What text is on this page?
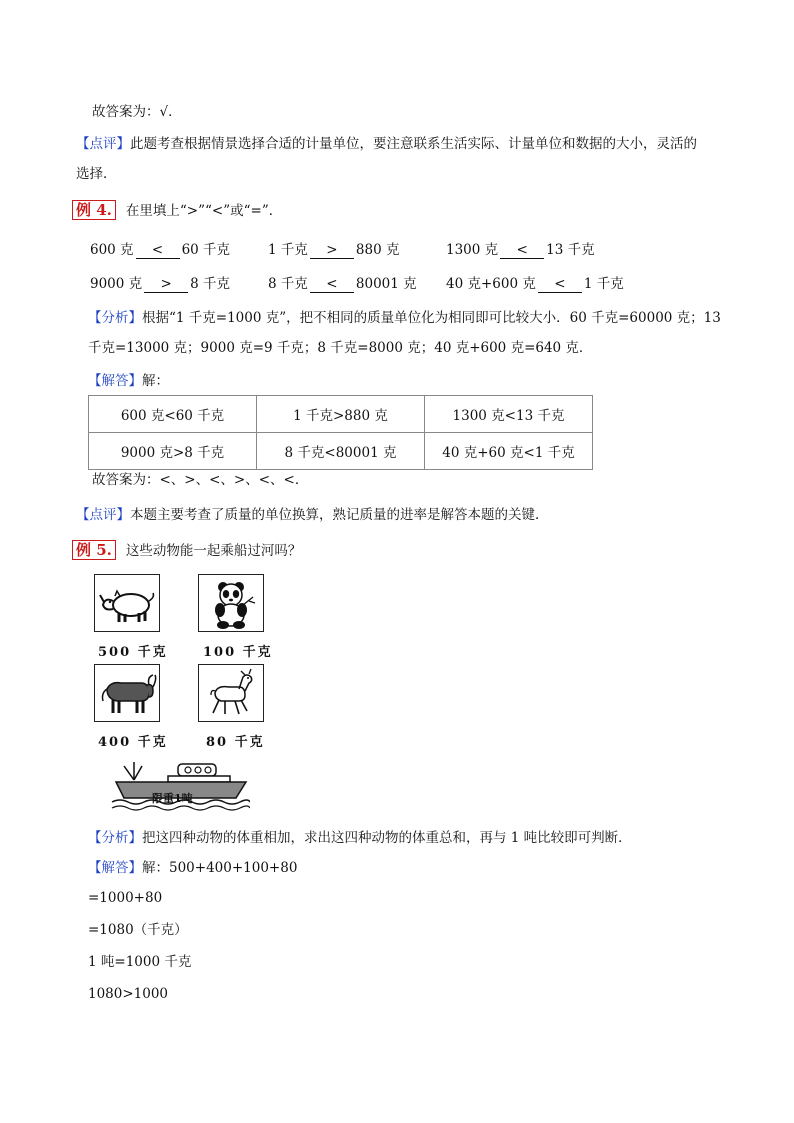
故答案为：√．
【点评】此题考查根据情景选择合适的计量单位，要注意联系生活实际、计量单位和数据的大小，灵活的
选择．
例 4. 在里填上“>”“<”或“=”．
600 克 < 60 千克	1 千克 > 880 克	1300 克 < 13 千克
9000 克 > 8 千克	8 千克 < 80001 克 40 克+600 克 < 1 千克
【分析】根据“1 千克=1000 克”，把不相同的质量单位化为相同即可比较大小．60 千克=60000 克；13
千克=13000 克；9000 克=9 千克；8 千克=8000 克；40 克+600 克=640 克．
【解答】解：
600 克<60 千克	1 千克>880 克	1300 克<13 千克
9000 克>8 千克	8 千克<80001 克	40 克+60 克<1 千克
故答案为：<、>、<、>、<、<．
【点评】本题主要考查了质量的单位换算，熟记质量的进率是解答本题的关键．
例 5. 这些动物能一起乘船过河吗？
500 千克	100 千克
400 千克	80 千克
限重1吨
【分析】把这四种动物的体重相加，求出这四种动物的体重总和，再与 1 吨比较即可判断．
【解答】解：500+400+100+80
=1000+80
=1080（千克）
1 吨=1000 千克
1080>1000
